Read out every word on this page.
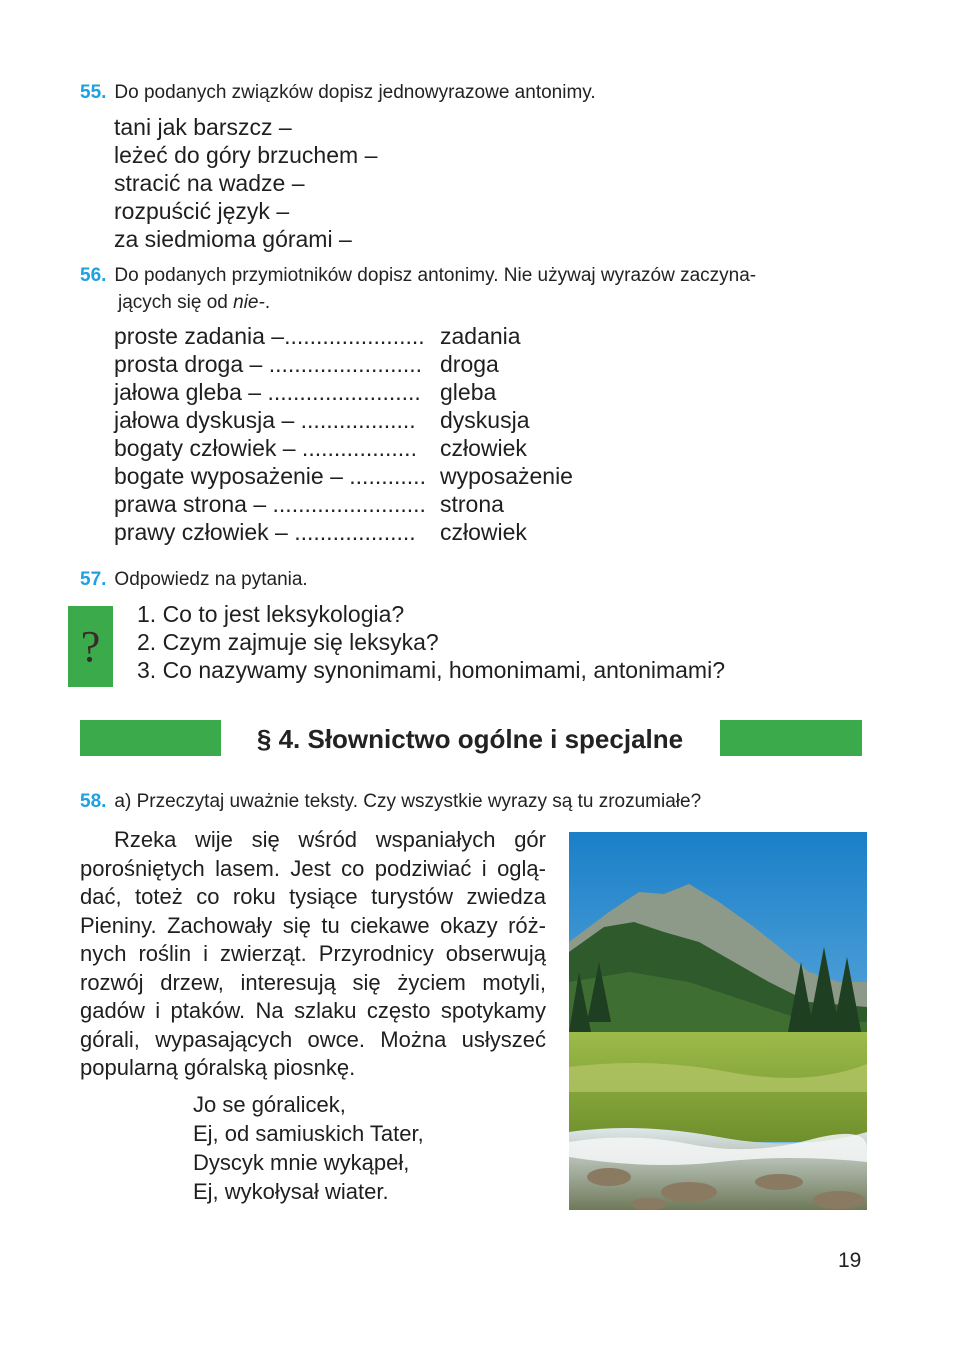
55. Do podanych związków dopisz jednowyrazowe antonimy.
tani jak barszcz –
leżeć do góry brzuchem –
stracić na wadze –
rozpuścić język –
za siedmioma górami –
56. Do podanych przymiotników dopisz antonimy. Nie używaj wyrazów zaczyna-
jących się od nie-.
proste zadania –...................... zadania
prosta droga – ........................ droga
jałowa gleba – ........................ gleba
jałowa dyskusja – ..................	dyskusja
bogaty człowiek – ..................	człowiek
bogate wyposażenie – ............ wyposażenie
prawa strona – ........................ strona
prawy człowiek – ...................	człowiek
57. Odpowiedz na pytania.
?
1. Co to jest leksykologia?
2. Czym zajmuje się leksyka?
3. Co nazywamy synonimami, homonimami, antonimami?
§ 4. Słownictwo ogólne i specjalne
58. a) Przeczytaj uważnie teksty. Czy wszystkie wyrazy są tu zrozumiałe?

Rzeka wije się wśród wspaniałych gór porośniętych lasem. Jest co podziwiać i oglą-dać, toteż co roku tysiące turystów zwiedza Pieniny. Zachowały się tu ciekawe okazy róż-nych roślin i zwierząt. Przyrodnicy obserwują rozwój drzew, interesują się życiem motyli, gadów i ptaków. Na szlaku często spotykamy górali, wypasających owce. Można usłyszeć popularną góralską piosnkę.

Jo se góralicek,
Ej, od samiuskich Tater,
Dyscyk mnie wykąpeł,
Ej, wykołysał wiater.
19
